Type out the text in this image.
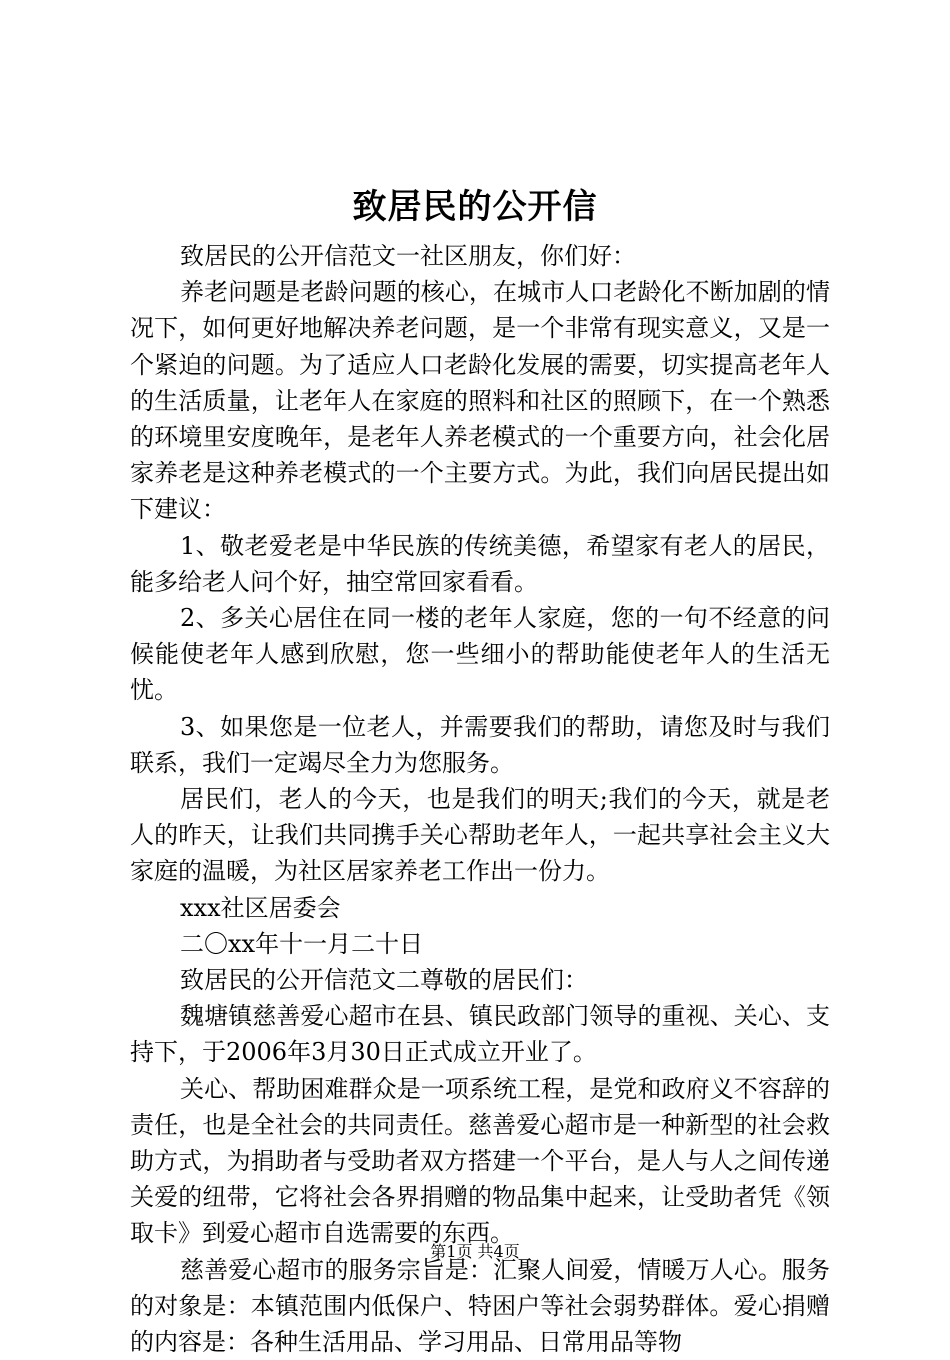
致居民的公开信

致居民的公开信范文一社区朋友，你们好：

养老问题是老龄问题的核心，在城市人口老龄化不断加剧的情况下，如何更好地解决养老问题，是一个非常有现实意义，又是一个紧迫的问题。为了适应人口老龄化发展的需要，切实提高老年人的生活质量，让老年人在家庭的照料和社区的照顾下，在一个熟悉的环境里安度晚年，是老年人养老模式的一个重要方向，社会化居家养老是这种养老模式的一个主要方式。为此，我们向居民提出如下建议：

1、敬老爱老是中华民族的传统美德，希望家有老人的居民，能多给老人问个好，抽空常回家看看。

2、多关心居住在同一楼的老年人家庭，您的一句不经意的问候能使老年人感到欣慰，您一些细小的帮助能使老年人的生活无忧。

3、如果您是一位老人，并需要我们的帮助，请您及时与我们联系，我们一定竭尽全力为您服务。

居民们，老人的今天，也是我们的明天;我们的今天，就是老人的昨天，让我们共同携手关心帮助老年人，一起共享社会主义大家庭的温暖，为社区居家养老工作出一份力。

xxx社区居委会

二〇xx年十一月二十日

致居民的公开信范文二尊敬的居民们：

魏塘镇慈善爱心超市在县、镇民政部门领导的重视、关心、支持下，于2006年3月30日正式成立开业了。

关心、帮助困难群众是一项系统工程，是党和政府义不容辞的责任，也是全社会的共同责任。慈善爱心超市是一种新型的社会救助方式，为捐助者与受助者双方搭建一个平台，是人与人之间传递关爱的纽带，它将社会各界捐赠的物品集中起来，让受助者凭《领取卡》到爱心超市自选需要的东西。

慈善爱心超市的服务宗旨是：汇聚人间爱，情暖万人心。服务的对象是：本镇范围内低保户、特困户等社会弱势群体。爱心捐赠的内容是：各种生活用品、学习用品、日常用品等物

第1页 共4页
